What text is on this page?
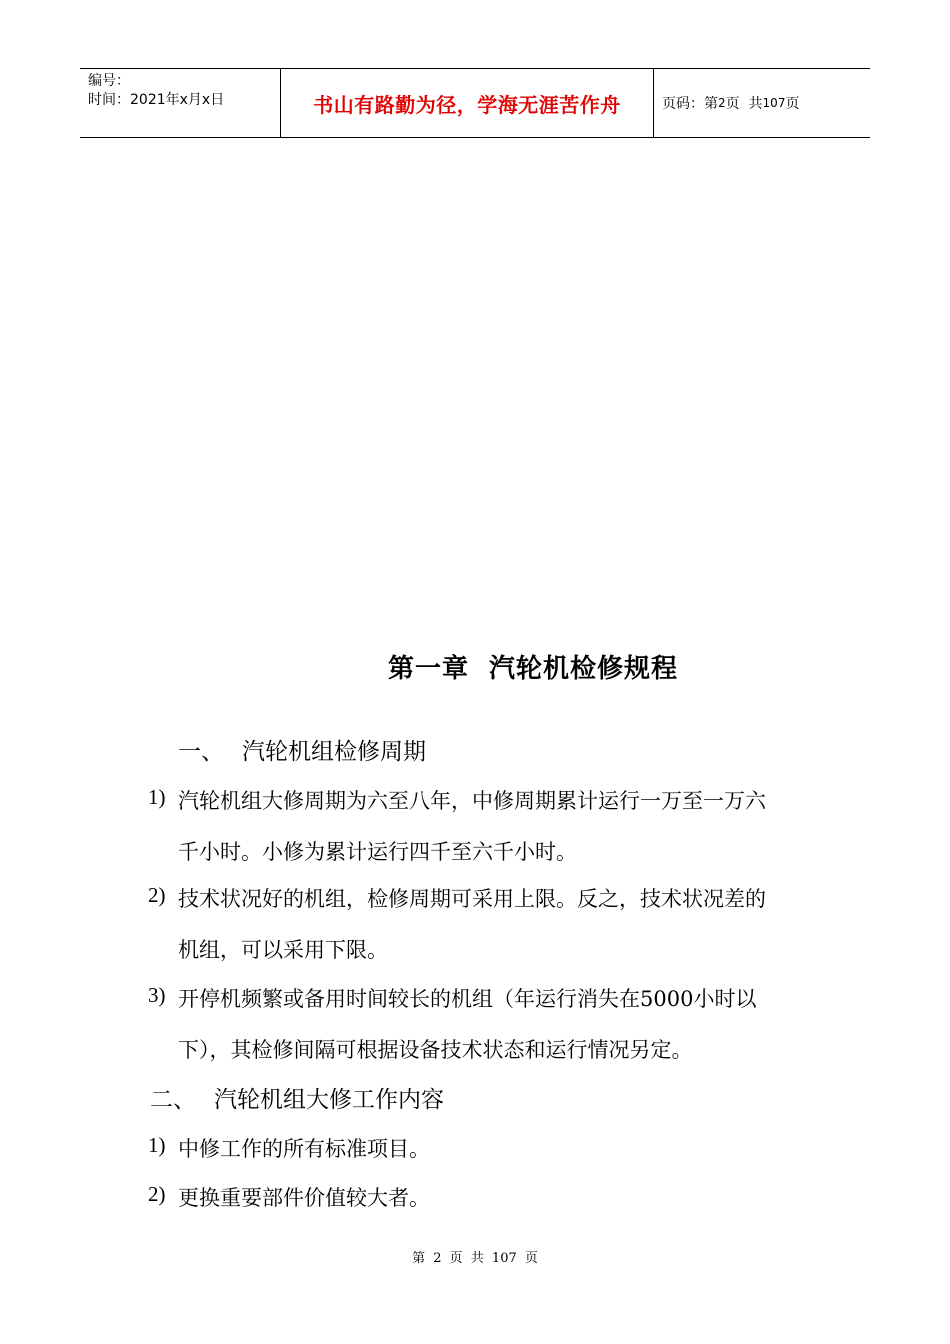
编号：
时间：2021年x月x日	书山有路勤为径，学海无涯苦作舟	页码：第 2 页  共 107 页
第一章  汽轮机检修规程
一、 汽轮机组检修周期
1) 汽轮机组大修周期为六至八年，中修周期累计运行一万至一万六
千小时。小修为累计运行四千至六千小时。
2) 技术状况好的机组，检修周期可采用上限。反之，技术状况差的
机组，可以采用下限。
3) 开停机频繁或备用时间较长的机组（年运行消失在5000小时以
下），其检修间隔可根据设备技术状态和运行情况另定。
二、 汽轮机组大修工作内容
1) 中修工作的所有标准项目。
2) 更换重要部件价值较大者。
第 2 页 共 107 页
